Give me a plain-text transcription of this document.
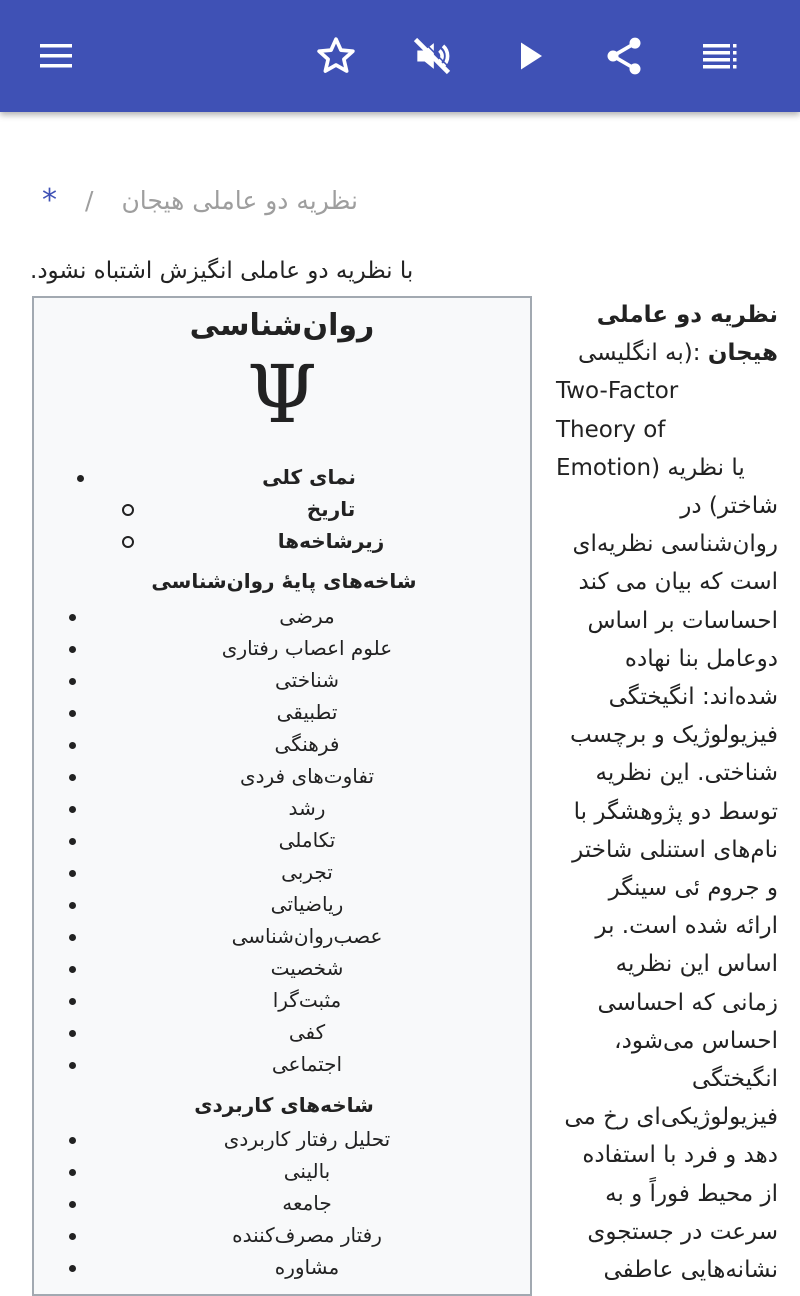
نظریه دو عاملی هیجان
/
*
.با نظریه دو عاملی انگیزش اشتباه نشود
روان‌شناسی
Ψ
نمای کلی
تاریخ
زیرشاخه‌ها
شاخه‌های پایهٔ روان‌شناسی
مرضی
علوم اعصاب رفتاری
شناختی
تطبیقی
فرهنگی
تفاوت‌های فردی
رشد
تکاملی
تجربی
ریاضیاتی
عصب‌روان‌شناسی
شخصیت
مثبت‌گرا
کفی
اجتماعی
شاخه‌های کاربردی
تحلیل رفتار کاربردی
بالینی
جامعه
رفتار مصرف‌کننده
مشاوره
نظریه دو عاملی
هیجان :(به انگلیسی
Two-Factor
Theory of
Emotion) یا نظریه
شاختر) در
روان‌شناسی نظریه‌ای
است که بیان می کند
احساسات بر اساس
دوعامل بنا نهاده
شده‌اند: انگیختگی
فیزیولوژیک و برچسب
شناختی. این نظریه
توسط دو پژوهشگر با
نام‌های استنلی شاختر
و جروم ئی سینگر
ارائه شده است. بر
اساس این نظریه
زمانی که احساسی
احساس می‌شود،
انگیختگی
فیزیولوژیکی‌ای رخ می
دهد و فرد با استفاده
از محیط فوراً و به
سرعت در جستجوی
نشانه‌هایی عاطفی
